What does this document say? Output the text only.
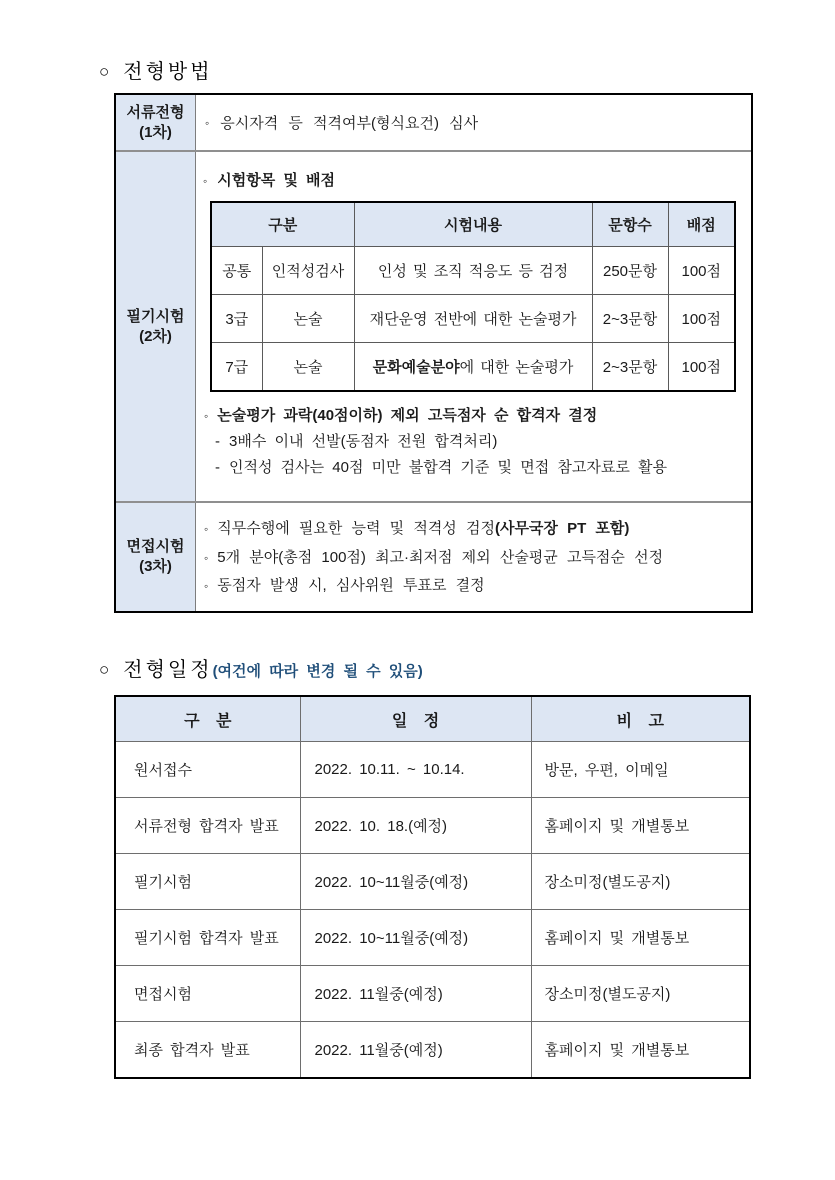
○ 전형방법
서류전형
(1차)
◦ 응시자격 등 적격여부(형식요건) 심사
필기시험
(2차)
◦ 시험항목 및 배점
구분		시험내용	문항수	배점
공통	인적성검사	인성 및 조직 적응도 등 검정	250문항	100점
3급	논술	재단운영 전반에 대한 논술평가	2~3문항	100점
7급	논술	문화예술분야에 대한 논술평가	2~3문항	100점
◦ 논술평가 과락(40점이하) 제외 고득점자 순 합격자 결정
- 3배수 이내 선발(동점자 전원 합격처리)
- 인적성 검사는 40점 미만 불합격 기준 및 면접 참고자료로 활용
면접시험
(3차)
◦ 직무수행에 필요한 능력 및 적격성 검정(사무국장 PT 포함)
◦ 5개 분야(총점 100점) 최고·최저점 제외 산술평균 고득점순 선정
◦ 동점자 발생 시, 심사위원 투표로 결정
○ 전형일정(여건에 따라 변경 될 수 있음)
구 분	일 정	비 고
원서접수	2022. 10.11. ~ 10.14.	방문, 우편, 이메일
서류전형 합격자 발표	2022. 10. 18.(예정)	홈페이지 및 개별통보
필기시험	2022. 10~11월중(예정)	장소미정(별도공지)
필기시험 합격자 발표	2022. 10~11월중(예정)	홈페이지 및 개별통보
면접시험	2022. 11월중(예정)	장소미정(별도공지)
최종 합격자 발표	2022. 11월중(예정)	홈페이지 및 개별통보
